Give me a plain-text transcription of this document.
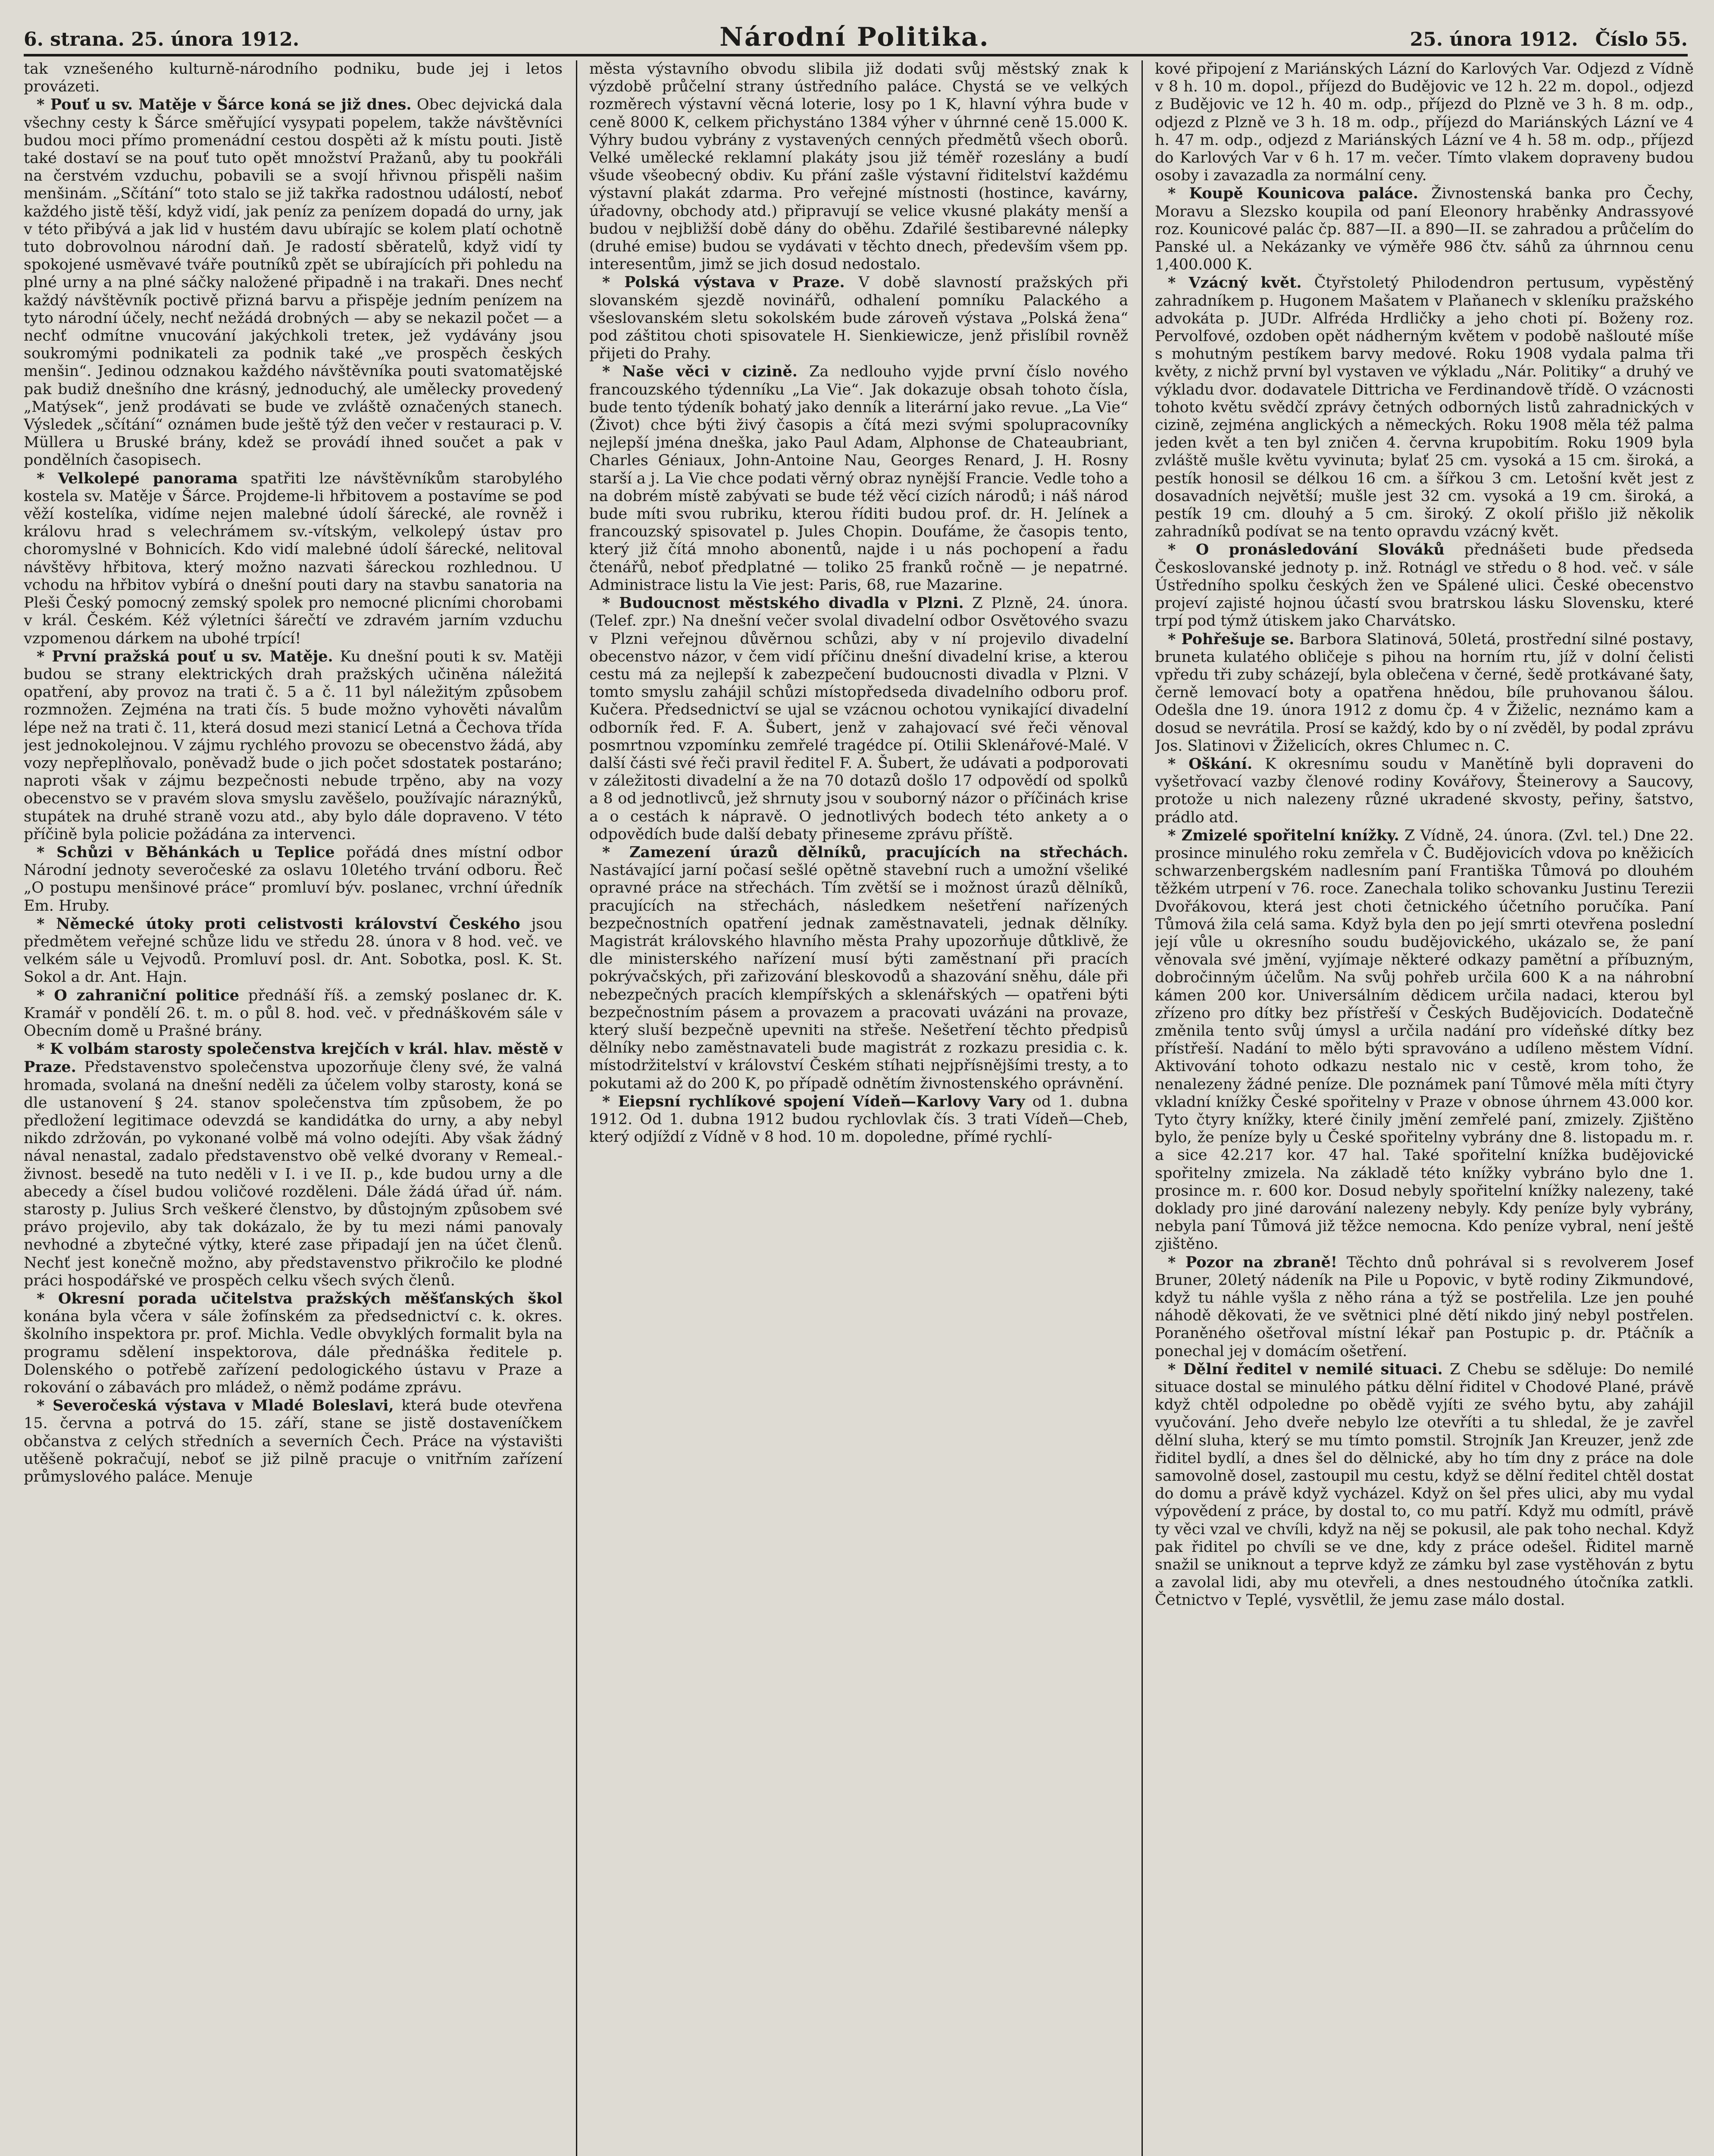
6. strana. 25. února 1912.	Národní Politika.	25. února 1912. Číslo 55.

tak vznešeného kulturně-národního podniku, bude jej i letos provázeti.

* Pouť u sv. Matěje v Šárce koná se již dnes. Obec dejvická dala všechny cesty k Šárce směřující vysypati popelem, takže návštěvníci budou moci přímo promenádní cestou dospěti až k místu pouti. Jistě také dostaví se na pouť tuto opět množství Pražanů, aby tu pookřáli na čerstvém vzduchu, pobavili se a svojí hřivnou přispěli našim menšinám. „Sčítání“ toto stalo se již takřka radostnou událostí, neboť každého jistě těší, když vidí, jak peníz za penízem dopadá do urny, jak v této přibývá a jak lid v hustém davu ubírajíc se kolem platí ochotně tuto dobrovolnou národní daň. Je radostí sběratelů, když vidí ty spokojené usměvavé tváře poutníků zpět se ubírajících při pohledu na plné urny a na plné sáčky naložené připadně i na trakaři. Dnes nechť každý návštěvník poctivě přizná barvu a přispěje jedním penízem na tyto národní účely, nechť nežádá drobných — aby se nekazil počet — a nechť odmítne vnucování jakýchkoli treteк, jež vydávány jsou soukromými podnikateli za podnik také „ve prospěch českých menšin“. Jedinou odznakou každého návštěvníka pouti svatomatějské pak budiž dnešního dne krásný, jednoduchý, ale umělecky provedený „Matýsek“, jenž prodávati se bude ve zvláště označených stanech. Výsledek „sčítání“ oznámen bude ještě týž den večer v restauraci p. V. Müllera u Bruské brány, kdež se provádí ihned součet a pak v pondělních časopisech.

* Velkolepé panorama spatřiti lze návštěvníkům starobylého kostela sv. Matěje v Šárce. Projdeme-li hřbitovem a postavíme se pod věží kostelíka, vidíme nejen malebné údolí šárecké, ale rovněž i královu hrad s velechrámem sv.-vítským, velkolepý ústav pro choromyslné v Bohnicích. Kdo vidí malebné údolí šárecké, nelitoval návštěvy hřbitova, který možno nazvati šáreckou rozhlednou. U vchodu na hřbitov vybírá o dnešní pouti dary na stavbu sanatoria na Pleši Český pomocný zemský spolek pro nemocné plicními chorobami v král. Českém. Kéž výletníci šárečtí ve zdravém jarním vzduchu vzpomenou dárkem na ubohé trpící!

* První pražská pouť u sv. Matěje. Ku dnešní pouti k sv. Matěji budou se strany elektrických drah pražských učiněna náležitá opatření, aby provoz na trati č. 5 a č. 11 byl náležitým způsobem rozmnožen. Zejména na trati čís. 5 bude možno vyhověti návalům lépe než na trati č. 11, která dosud mezi stanicí Letná a Čechova třída jest jednokolejnou. V zájmu rychlého provozu se obecenstvo žádá, aby vozy nepřeplňovalo, poněvadž bude o jich počet sdostatek postaráno; naproti však v zájmu bezpečnosti nebude trpěno, aby na vozy obecenstvo se v pravém slova smyslu zavěšelo, používajíc náraznýků, stupátek na druhé straně vozu atd., aby bylo dále dopraveno. V této příčině byla policie požádána za intervenci.

* Schůzi v Běhánkách u Teplice pořádá dnes místní odbor Národní jednoty severočeské za oslavu 10letého trvání odboru. Řeč „O postupu menšinové práce“ promluví býv. poslanec, vrchní úředník Em. Hruby.

* Německé útoky proti celistvosti království Českého jsou předmětem veřejné schůze lidu ve středu 28. února v 8 hod. več. ve velkém sále u Vejvodů. Promluví posl. dr. Ant. Sobotka, posl. K. St. Sokol a dr. Ant. Hajn.

* O zahraniční politice přednáší říš. a zemský poslanec dr. K. Kramář v pondělí 26. t. m. o půl 8. hod. več. v přednáškovém sále v Obecním domě u Prašné brány.

* K volbám starosty společenstva krejčích v král. hlav. městě v Praze. Představenstvo společenstva upozorňuje členy své, že valná hromada, svolaná na dnešní neděli za účelem volby starosty, koná se dle ustanovení § 24. stanov společenstva tím způsobem, že po předložení legitimace odevzdá se kandidátka do urny, a aby nebyl nikdo zdržován, po vykonané volbě má volno odejíti. Aby však žádný nával nenastal, zadalo představenstvo obě velké dvorany v Remeal.-živnost. besedě na tuto neděli v I. i ve II. p., kde budou urny a dle abecedy a čísel budou voličové rozděleni. Dále žádá úřad úř. nám. starosty p. Julius Srch veškeré členstvo, by důstojným způsobem své právo projevilo, aby tak dokázalo, že by tu mezi námi panovaly nevhodné a zbytečné výtky, které zase připadají jen na účet členů. Nechť jest konečně možno, aby představenstvo přikročilo ke plodné práci hospodářské ve prospěch celku všech svých členů.

* Okresní porada učitelstva pražských měšťanských škol konána byla včera v sále žofínském za předsednictví c. k. okres. školního inspektora pr. prof. Michla. Vedle obvyklých formalit byla na programu sdělení inspektorova, dále přednáška ředitele p. Dolenského o potřebě zařízení pedologického ústavu v Praze a rokování o zábavách pro mládež, o němž podáme zprávu.

* Severočeská výstava v Mladé Boleslavi, která bude otevřena 15. června a potrvá do 15. září, stane se jistě dostaveníčkem občanstva z celých středních a severních Čech. Práce na výstavišti utěšeně pokračují, neboť se již pilně pracuje o vnitřním zařízení průmyslového paláce. Menuje

města výstavního obvodu slibila již dodati svůj městský znak k výzdobě průčelní strany ústředního paláce. Chystá se ve velkých rozměrech výstavní věcná loterie, losy po 1 K, hlavní výhra bude v ceně 8000 K, celkem přichystáno 1384 výher v úhrnné ceně 15.000 K. Výhry budou vybrány z vystavených cenných předmětů všech oborů. Velké umělecké reklamní plakáty jsou již téměř rozeslány a budí všude všeobecný obdiv. Ku přání zašle výstavní řiditelství každému výstavní plakát zdarma. Pro veřejné místnosti (hostince, kavárny, úřadovny, obchody atd.) připravují se velice vkusné plakáty menší a budou v nejbližší době dány do oběhu. Zdařilé šestibarevné nálepky (druhé emise) budou se vydávati v těchto dnech, především všem pp. interesentům, jimž se jich dosud nedostalo.

* Polská výstava v Praze. V době slavností pražských při slovanském sjezdě novinářů, odhalení pomníku Palackého a všeslovanském sletu sokolském bude zároveň výstava „Polská žena“ pod záštitou choti spisovatele H. Sienkiewicze, jenž přislíbil rovněž přijeti do Prahy.

* Naše věci v cizině. Za nedlouho vyjde první číslo nového francouzského týdenníku „La Vie“. Jak dokazuje obsah tohoto čísla, bude tento týdeník bohatý jako denník a literární jako revue. „La Vie“ (Život) chce býti živý časopis a čítá mezi svými spolupracovníky nejlepší jména dneška, jako Paul Adam, Alphonse de Chateaubriant, Charles Géniaux, John-Antoine Nau, Georges Renard, J. H. Rosny starší a j. La Vie chce podati věrný obraz nynější Francie. Vedle toho a na dobrém místě zabývati se bude též věcí cizích národů; i náš národ bude míti svou rubriku, kterou říditi budou prof. dr. H. Jelínek a francouzský spisovatel p. Jules Chopin. Doufáme, že časopis tento, který již čítá mnoho abonentů, najde i u nás pochopení a řadu čtenářů, neboť předplatné — toliko 25 franků ročně — je nepatrné. Administrace listu la Vie jest: Paris, 68, rue Mazarine.

* Budoucnost městského divadla v Plzni. Z Plzně, 24. února. (Telef. zpr.) Na dnešní večer svolal divadelní odbor Osvětového svazu v Plzni veřejnou důvěrnou schůzi, aby v ní projevilo divadelní obecenstvo názor, v čem vidí příčinu dnešní divadelní krise, a kterou cestu má za nejlepší k zabezpečení budoucnosti divadla v Plzni. V tomto smyslu zahájil schůzi místopředseda divadelního odboru prof. Kučera. Předsednictví se ujal se vzácnou ochotou vynikající divadelní odborník řed. F. A. Šubert, jenž v zahajovací své řeči věnoval posmrtnou vzpomínku zemřelé tragédce pí. Otilii Sklenářové-Malé. V další části své řeči pravil ředitel F. A. Šubert, že udávati a podporovati v záležitosti divadelní a že na 70 dotazů došlo 17 odpovědí od spolků a 8 od jednotlivců, jež shrnuty jsou v souborný názor o příčinách krise a o cestách k nápravě. O jednotlivých bodech této ankety a o odpovědích bude další debaty přineseme zprávu příště.

* Zamezení úrazů dělníků, pracujících na střechách. Nastávající jarní počasí sešlé opětně stavební ruch a umožní všeliké opravné práce na střechách. Tím zvětší se i možnost úrazů dělníků, pracujících na střechách, následkem nešetření nařízených bezpečnostních opatření jednak zaměstnavateli, jednak dělníky. Magistrát královského hlavního města Prahy upozorňuje důtklivě, že dle ministerského nařízení musí býti zaměstnaní při pracích pokrývačských, při zařizování bleskovodů a shazování sněhu, dále při nebezpečných pracích klempířských a sklenářských — opatřeni býti bezpečnostním pásem a provazem a pracovati uvázáni na provaze, který sluší bezpečně upevniti na střeše. Nešetření těchto předpisů dělníky nebo zaměstnavateli bude magistrát z rozkazu presidia c. k. místodržitelství v království Českém stíhati nejpřísnějšími tresty, a to pokutami až do 200 K, po případě odnětím živnostenského oprávnění.

* Eiepsní rychlíkové spojení Vídeň—Karlovy Vary od 1. dubna 1912. Od 1. dubna 1912 budou rychlovlak čís. 3 trati Vídeň—Cheb, který odjíždí z Vídně v 8 hod. 10 m. dopoledne, přímé rychlí-

kové připojení z Mariánských Lázní do Karlových Var. Odjezd z Vídně v 8 h. 10 m. dopol., příjezd do Budějovic ve 12 h. 22 m. dopol., odjezd z Budějovic ve 12 h. 40 m. odp., příjezd do Plzně ve 3 h. 8 m. odp., odjezd z Plzně ve 3 h. 18 m. odp., příjezd do Mariánských Lázní ve 4 h. 47 m. odp., odjezd z Mariánských Lázní ve 4 h. 58 m. odp., příjezd do Karlových Var v 6 h. 17 m. večer. Tímto vlakem dopraveny budou osoby i zavazadla za normální ceny.

* Koupě Kounicova paláce. Živnostenská banka pro Čechy, Moravu a Slezsko koupila od paní Eleonory hraběnky Andrassyové roz. Kounicové palác čp. 887—II. a 890—II. se zahradou a průčelím do Panské ul. a Nekázanky ve výměře 986 čtv. sáhů za úhrnnou cenu 1,400.000 K.

* Vzácný květ. Čtyřstoletý Philodendron pertusum, vypěstěný zahradníkem p. Hugonem Mašatem v Plaňanech v skleníku pražského advokáta p. JUDr. Alfréda Hrdličky a jeho choti pí. Boženy roz. Pervolfové, ozdoben opět nádherným květem v podobě našlouté míše s mohutným pestíkem barvy medové. Roku 1908 vydala palma tři květy, z nichž první byl vystaven ve výkladu „Nár. Politiky“ a druhý ve výkladu dvor. dodavatele Dittricha ve Ferdinandově třídě. O vzácnosti tohoto květu svědčí zprávy četných odborných listů zahradnických v cizině, zejména anglických a německých. Roku 1908 měla též palma jeden květ a ten byl zničen 4. června krupobitím. Roku 1909 byla zvláště mušle květu vyvinuta; bylať 25 cm. vysoká a 15 cm. široká, a pestík honosil se délkou 16 cm. a šířkou 3 cm. Letošní květ jest z dosavadních největší; mušle jest 32 cm. vysoká a 19 cm. široká, a pestík 19 cm. dlouhý a 5 cm. široký. Z okolí přišlo již několik zahradníků podívat se na tento opravdu vzácný květ.

* O pronásledování Slováků přednášeti bude předseda Českoslovanské jednoty p. inž. Rotnágl ve středu o 8 hod. več. v sále Ústředního spolku českých žen ve Spálené ulici. České obecenstvo projeví zajisté hojnou účastí svou bratrskou lásku Slovensku, které trpí pod týmž útiskem jako Charvátsko.

* Pohřešuje se. Barbora Slatinová, 50letá, prostřední silné postavy, bruneta kulatého obličeje s pihou na horním rtu, jíž v dolní čelisti vpředu tři zuby scházejí, byla oblečena v černé, šedě protkávané šaty, černě lemovací boty a opatřena hnědou, bíle pruhovanou šálou. Odešla dne 19. února 1912 z domu čp. 4 v Žiželic, neznámo kam a dosud se nevrátila. Prosí se každý, kdo by o ní zvěděl, by podal zprávu Jos. Slatinovi v Žiželicích, okres Chlumec n. C.

* Oškání. K okresnímu soudu v Manětíně byli dopraveni do vyšetřovací vazby členové rodiny Kovářovy, Šteinerovy a Saucovy, protože u nich nalezeny různé ukradené skvosty, peřiny, šatstvo, prádlo atd.

* Zmizelé spořitelní knížky. Z Vídně, 24. února. (Zvl. tel.) Dne 22. prosince minulého roku zemřela v Č. Budějovicích vdova po kněžicích schwarzenbergském nadlesním paní Františka Tůmová po dlouhém těžkém utrpení v 76. roce. Zanechala toliko schovanku Justinu Terezii Dvořákovou, která jest choti četnického účetního poručíka. Paní Tůmová žila celá sama. Když byla den po její smrti otevřena poslední její vůle u okresního soudu budějovického, ukázalo se, že paní věnovala své jmění, vyjímaje některé odkazy pamětní a příbuzným, dobročinným účelům. Na svůj pohřeb určila 600 K a na náhrobní kámen 200 kor. Universálním dědicem určila nadaci, kterou byl zřízeno pro dítky bez přístřeší v Českých Budějovicích. Dodatečně změnila tento svůj úmysl a určila nadání pro vídeňské dítky bez přístřeší. Nadání to mělo býti spravováno a udíleno městem Vídní. Aktivování tohoto odkazu nestalo nic v cestě, krom toho, že nenalezeny žádné peníze. Dle poznámek paní Tůmové měla míti čtyry vkladní knížky České spořitelny v Praze v obnose úhrnem 43.000 kor. Tyto čtyry knížky, které činily jmění zemřelé paní, zmizely. Zjištěno bylo, že peníze byly u České spořitelny vybrány dne 8. listopadu m. r. a sice 42.217 kor. 47 hal. Také spořitelní knížka budějovické spořitelny zmizela. Na základě této knížky vybráno bylo dne 1. prosince m. r. 600 kor. Dosud nebyly spořitelní knížky nalezeny, také doklady pro jiné darování nalezeny nebyly. Kdy peníze byly vybrány, nebyla paní Tůmová již těžce nemocna. Kdo peníze vybral, není ještě zjištěno.

* Pozor na zbraně! Těchto dnů pohrával si s revolverem Josef Bruner, 20letý nádeník na Pile u Popovic, v bytě rodiny Zikmundové, když tu náhle vyšla z něho rána a týž se postřelila. Lze jen pouhé náhodě děkovati, že ve světnici plné dětí nikdo jiný nebyl postřelen. Poraněného ošetřoval místní lékař pan Postupic p. dr. Ptáčník a ponechal jej v domácím ošetření.

* Dělní ředitel v nemilé situaci. Z Chebu se sdělujе: Do nemilé situace dostal se minulého pátku dělní řiditel v Chodové Plané, právě když chtěl odpoledne po obědě vyjíti ze svého bytu, aby zahájil vyučování. Jeho dveře nebylo lze otevříti a tu shledal, že je zavřel dělní sluha, který se mu tímto pomstil. Strojník Jan Kreuzer, jenž zde řiditel bydlí, a dnes šel do dělnické, aby ho tím dny z práce na dole samovolně dosel, zastoupil mu cestu, když se dělní ředitel chtěl dostat do domu a právě když vycházel. Když on šel přes ulici, aby mu vydal výpovědení z práce, by dostal to, co mu patří. Když mu odmítl, právě ty věci vzal ve chvíli, když na něj se pokusil, ale pak toho nechal. Když pak řiditel po chvíli se ve dne, kdy z práce odešel. Řiditel marně snažil se uniknout a teprve když ze zámku byl zase vystěhován z bytu a zavolal lidi, aby mu otevřeli, a dnes nestoudného útočníka zatkli. Četnictvo v Teplé, vysvětlil, že jemu zase málo dostal.
